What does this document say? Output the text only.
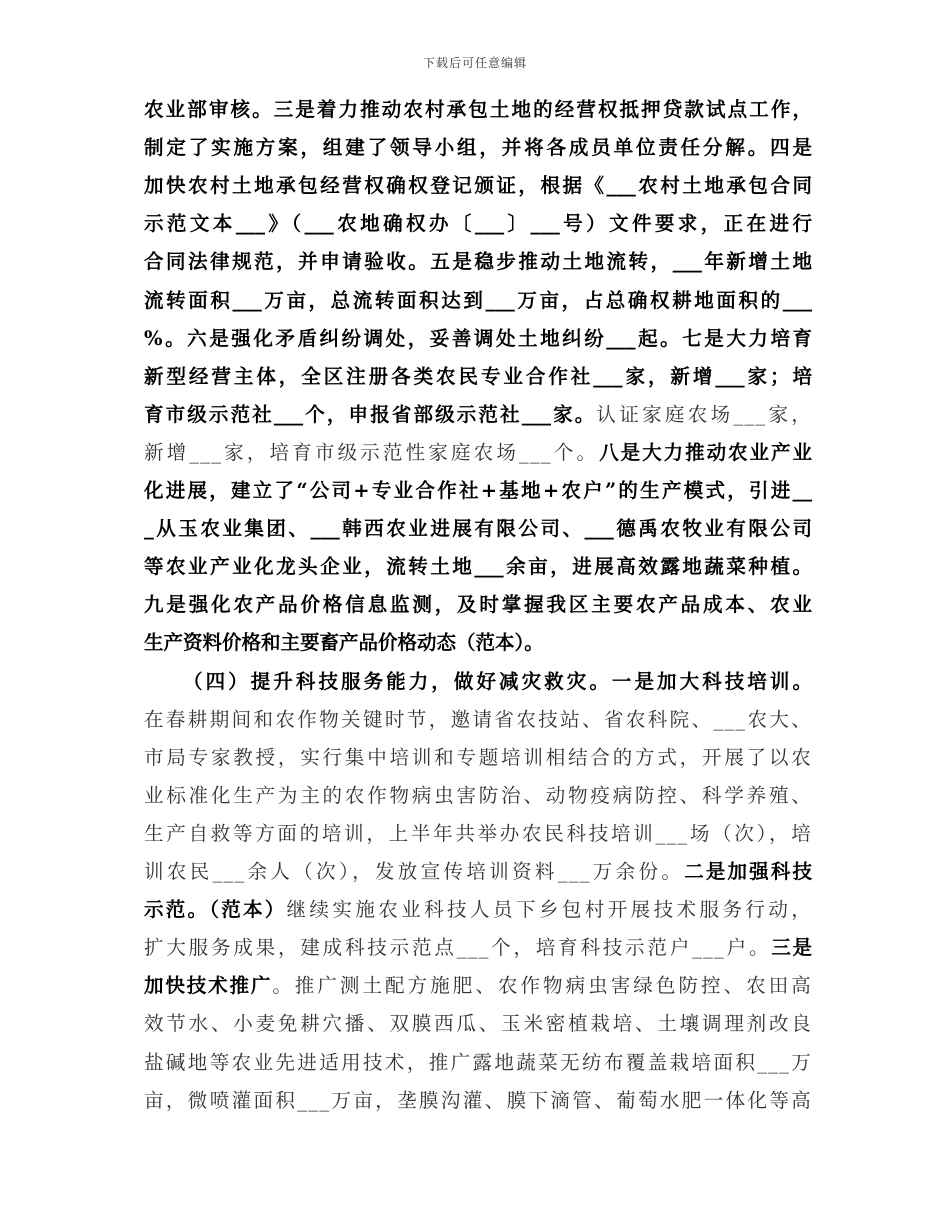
下载后可任意编辑
农业部审核。三是着力推动农村承包土地的经营权抵押贷款试点工作，
制定了实施方案，组建了领导小组，并将各成员单位责任分解。四是
加快农村土地承包经营权确权登记颁证，根据《___农村土地承包合同
示范文本___》（___农地确权办〔___〕___号）文件要求，正在进行
合同法律规范，并申请验收。五是稳步推动土地流转，___年新增土地
流转面积___万亩，总流转面积达到___万亩，占总确权耕地面积的___
%。六是强化矛盾纠纷调处，妥善调处土地纠纷___起。七是大力培育
新型经营主体，全区注册各类农民专业合作社___家，新增___家；培
育市级示范社___个，申报省部级示范社___家。认证家庭农场___家，
新增___家，培育市级示范性家庭农场___个。八是大力推动农业产业
化进展，建立了“公司+专业合作社+基地+农户”的生产模式，引进__
_从玉农业集团、___韩西农业进展有限公司、___德禹农牧业有限公司
等农业产业化龙头企业，流转土地___余亩，进展高效露地蔬菜种植。
九是强化农产品价格信息监测，及时掌握我区主要农产品成本、农业
生产资料价格和主要畜产品价格动态（范本）。
（四）提升科技服务能力，做好减灾救灾。一是加大科技培训。
在春耕期间和农作物关键时节，邀请省农技站、省农科院、___农大、
市局专家教授，实行集中培训和专题培训相结合的方式，开展了以农
业标准化生产为主的农作物病虫害防治、动物疫病防控、科学养殖、
生产自救等方面的培训，上半年共举办农民科技培训___场（次），培
训农民___余人（次），发放宣传培训资料___万余份。二是加强科技
示范。（范本）继续实施农业科技人员下乡包村开展技术服务行动，
扩大服务成果，建成科技示范点___个，培育科技示范户___户。三是
加快技术推广。推广测土配方施肥、农作物病虫害绿色防控、农田高
效节水、小麦免耕穴播、双膜西瓜、玉米密植栽培、土壤调理剂改良
盐碱地等农业先进适用技术，推广露地蔬菜无纺布覆盖栽培面积___万
亩，微喷灌面积___万亩，垄膜沟灌、膜下滴管、葡萄水肥一体化等高
